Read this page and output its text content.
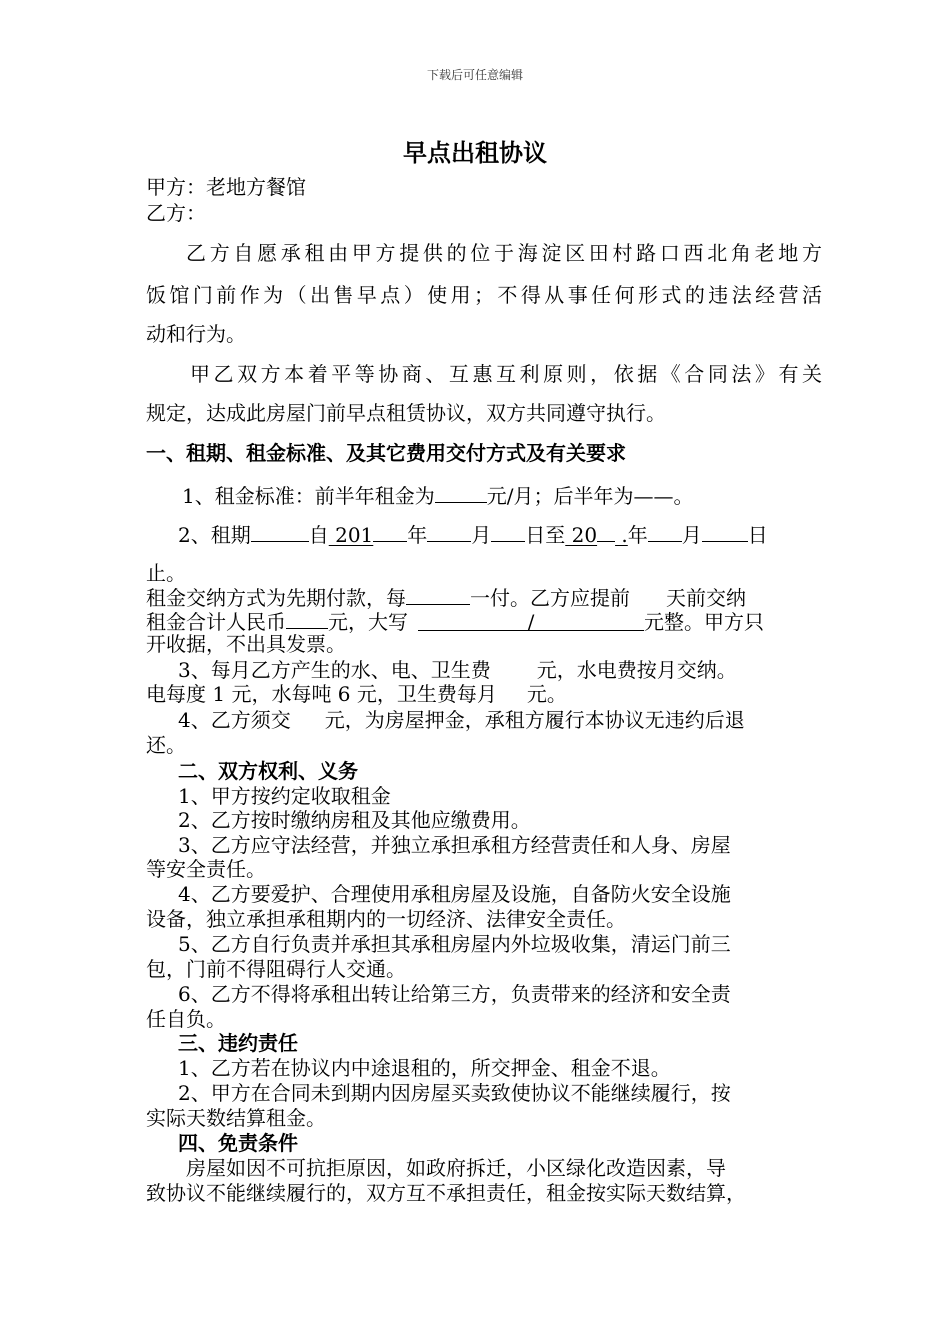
下载后可任意编辑
早点出租协议
甲方：老地方餐馆
乙方：
乙方自愿承租由甲方提供的位于海淀区田村路口西北角老地方
饭馆门前作为（出售早点）使用；不得从事任何形式的违法经营活
动和行为。
甲乙双方本着平等协商、互惠互利原则，依据《合同法》有关
规定，达成此房屋门前早点租赁协议，双方共同遵守执行。
一、租期、租金标准、及其它费用交付方式及有关要求
1、租金标准：前半年租金为	元/月；后半年为——。
2、租期	自 201 年 月 日至 20 .年 月 日
止。
租金交纳方式为先期付款，每	一付。乙方应提前 天前交纳
租金合计人民币 元，大写	/	元整。甲方只
开收据，不出具发票。
3、每月乙方产生的水、电、卫生费 元，水电费按月交纳。
电每度 1 元，水每吨 6 元，卫生费每月 元。
4、乙方须交 元，为房屋押金，承租方履行本协议无违约后退
还。
二、双方权利、义务
1、甲方按约定收取租金
2、乙方按时缴纳房租及其他应缴费用。
3、乙方应守法经营，并独立承担承租方经营责任和人身、房屋
等安全责任。
4、乙方要爱护、合理使用承租房屋及设施，自备防火安全设施
设备，独立承担承租期内的一切经济、法律安全责任。
5、乙方自行负责并承担其承租房屋内外垃圾收集，清运门前三
包，门前不得阻碍行人交通。
6、乙方不得将承租出转让给第三方，负责带来的经济和安全责
任自负。
三、违约责任
1、乙方若在协议内中途退租的，所交押金、租金不退。
2、甲方在合同未到期内因房屋买卖致使协议不能继续履行，按
实际天数结算租金。
四、免责条件
房屋如因不可抗拒原因，如政府拆迁，小区绿化改造因素，导
致协议不能继续履行的，双方互不承担责任，租金按实际天数结算，
